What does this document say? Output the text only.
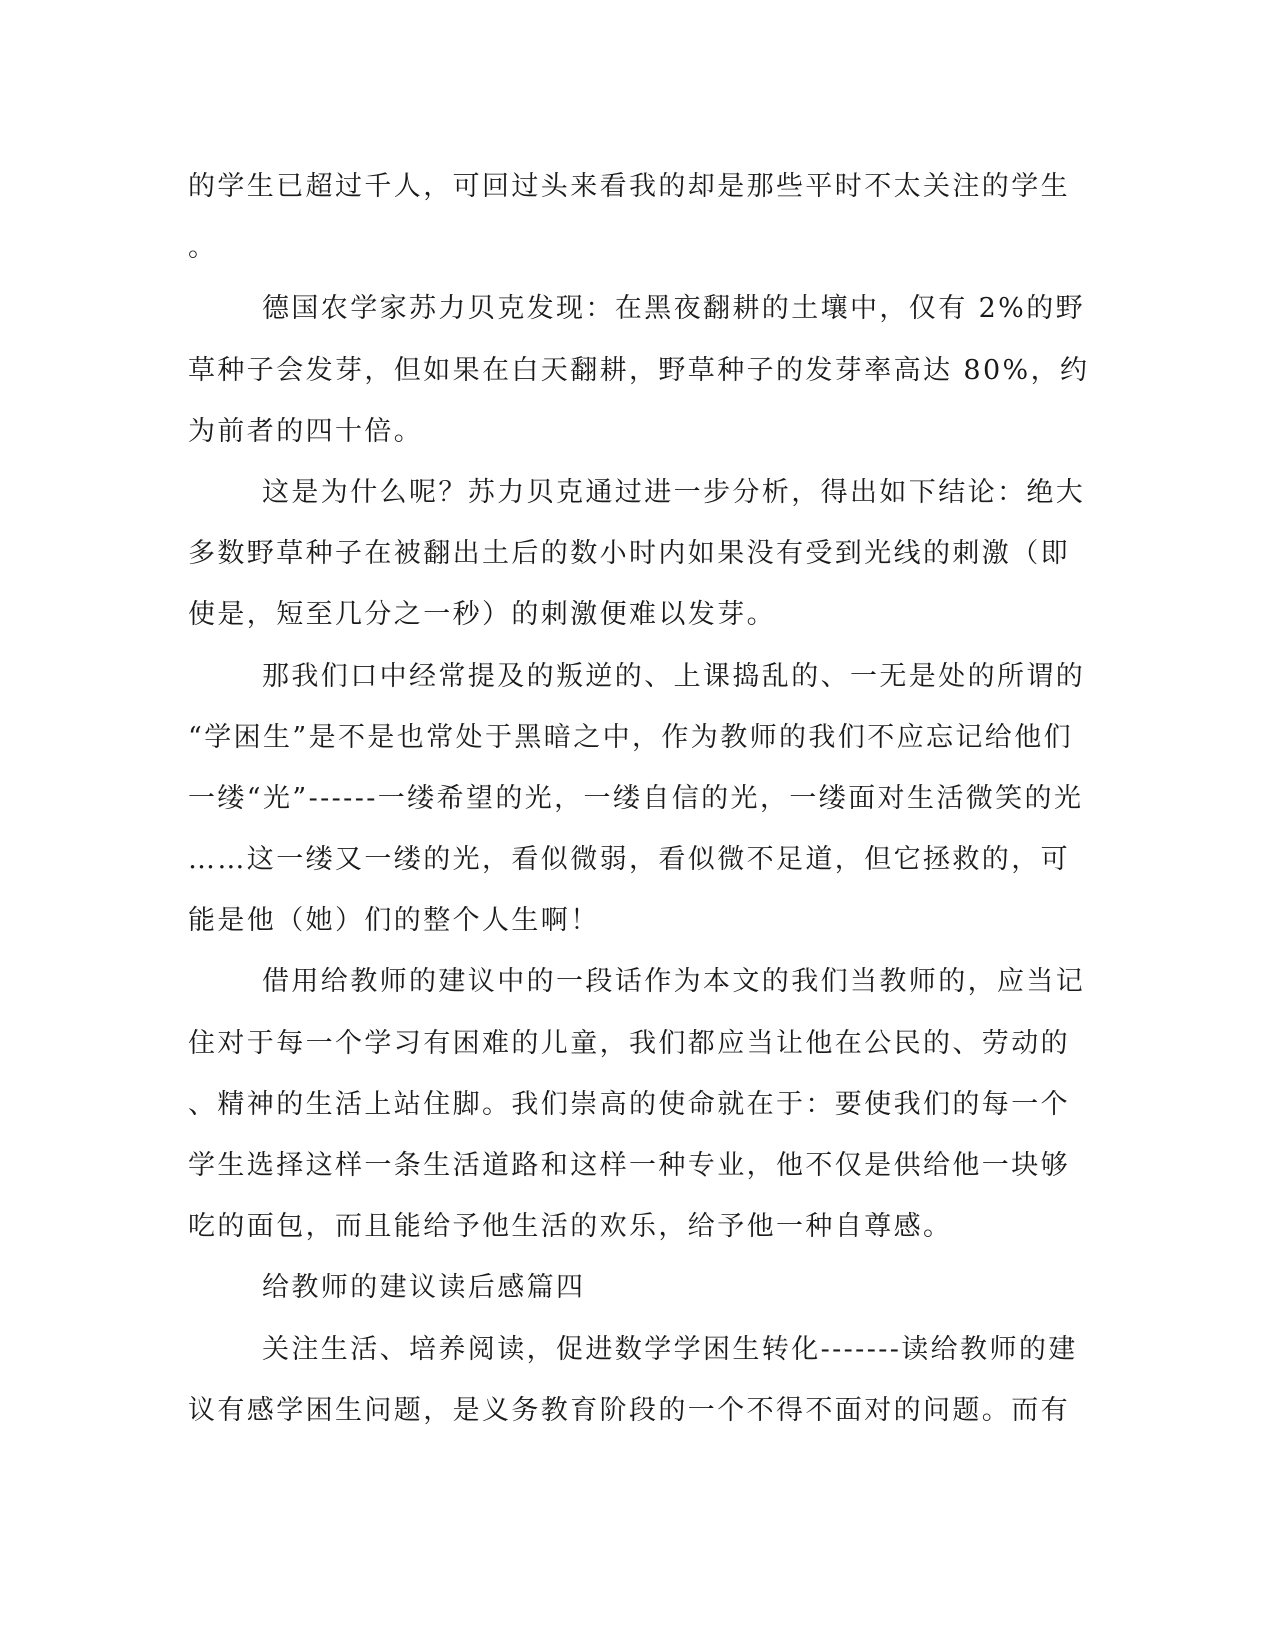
的学生已超过千人，可回过头来看我的却是那些平时不太关注的学生
。
德国农学家苏力贝克发现：在黑夜翻耕的土壤中，仅有 2%的野
草种子会发芽，但如果在白天翻耕，野草种子的发芽率高达 80%，约
为前者的四十倍。
这是为什么呢？苏力贝克通过进一步分析，得出如下结论：绝大
多数野草种子在被翻出土后的数小时内如果没有受到光线的刺激（即
使是，短至几分之一秒）的刺激便难以发芽。
那我们口中经常提及的叛逆的、上课捣乱的、一无是处的所谓的
“学困生”是不是也常处于黑暗之中，作为教师的我们不应忘记给他们
一缕“光”------一缕希望的光，一缕自信的光，一缕面对生活微笑的光
……这一缕又一缕的光，看似微弱，看似微不足道，但它拯救的，可
能是他（她）们的整个人生啊！
借用给教师的建议中的一段话作为本文的我们当教师的，应当记
住对于每一个学习有困难的儿童，我们都应当让他在公民的、劳动的
、精神的生活上站住脚。我们崇高的使命就在于：要使我们的每一个
学生选择这样一条生活道路和这样一种专业，他不仅是供给他一块够
吃的面包，而且能给予他生活的欢乐，给予他一种自尊感。
给教师的建议读后感篇四
关注生活、培养阅读，促进数学学困生转化-------读给教师的建
议有感学困生问题，是义务教育阶段的一个不得不面对的问题。而有
